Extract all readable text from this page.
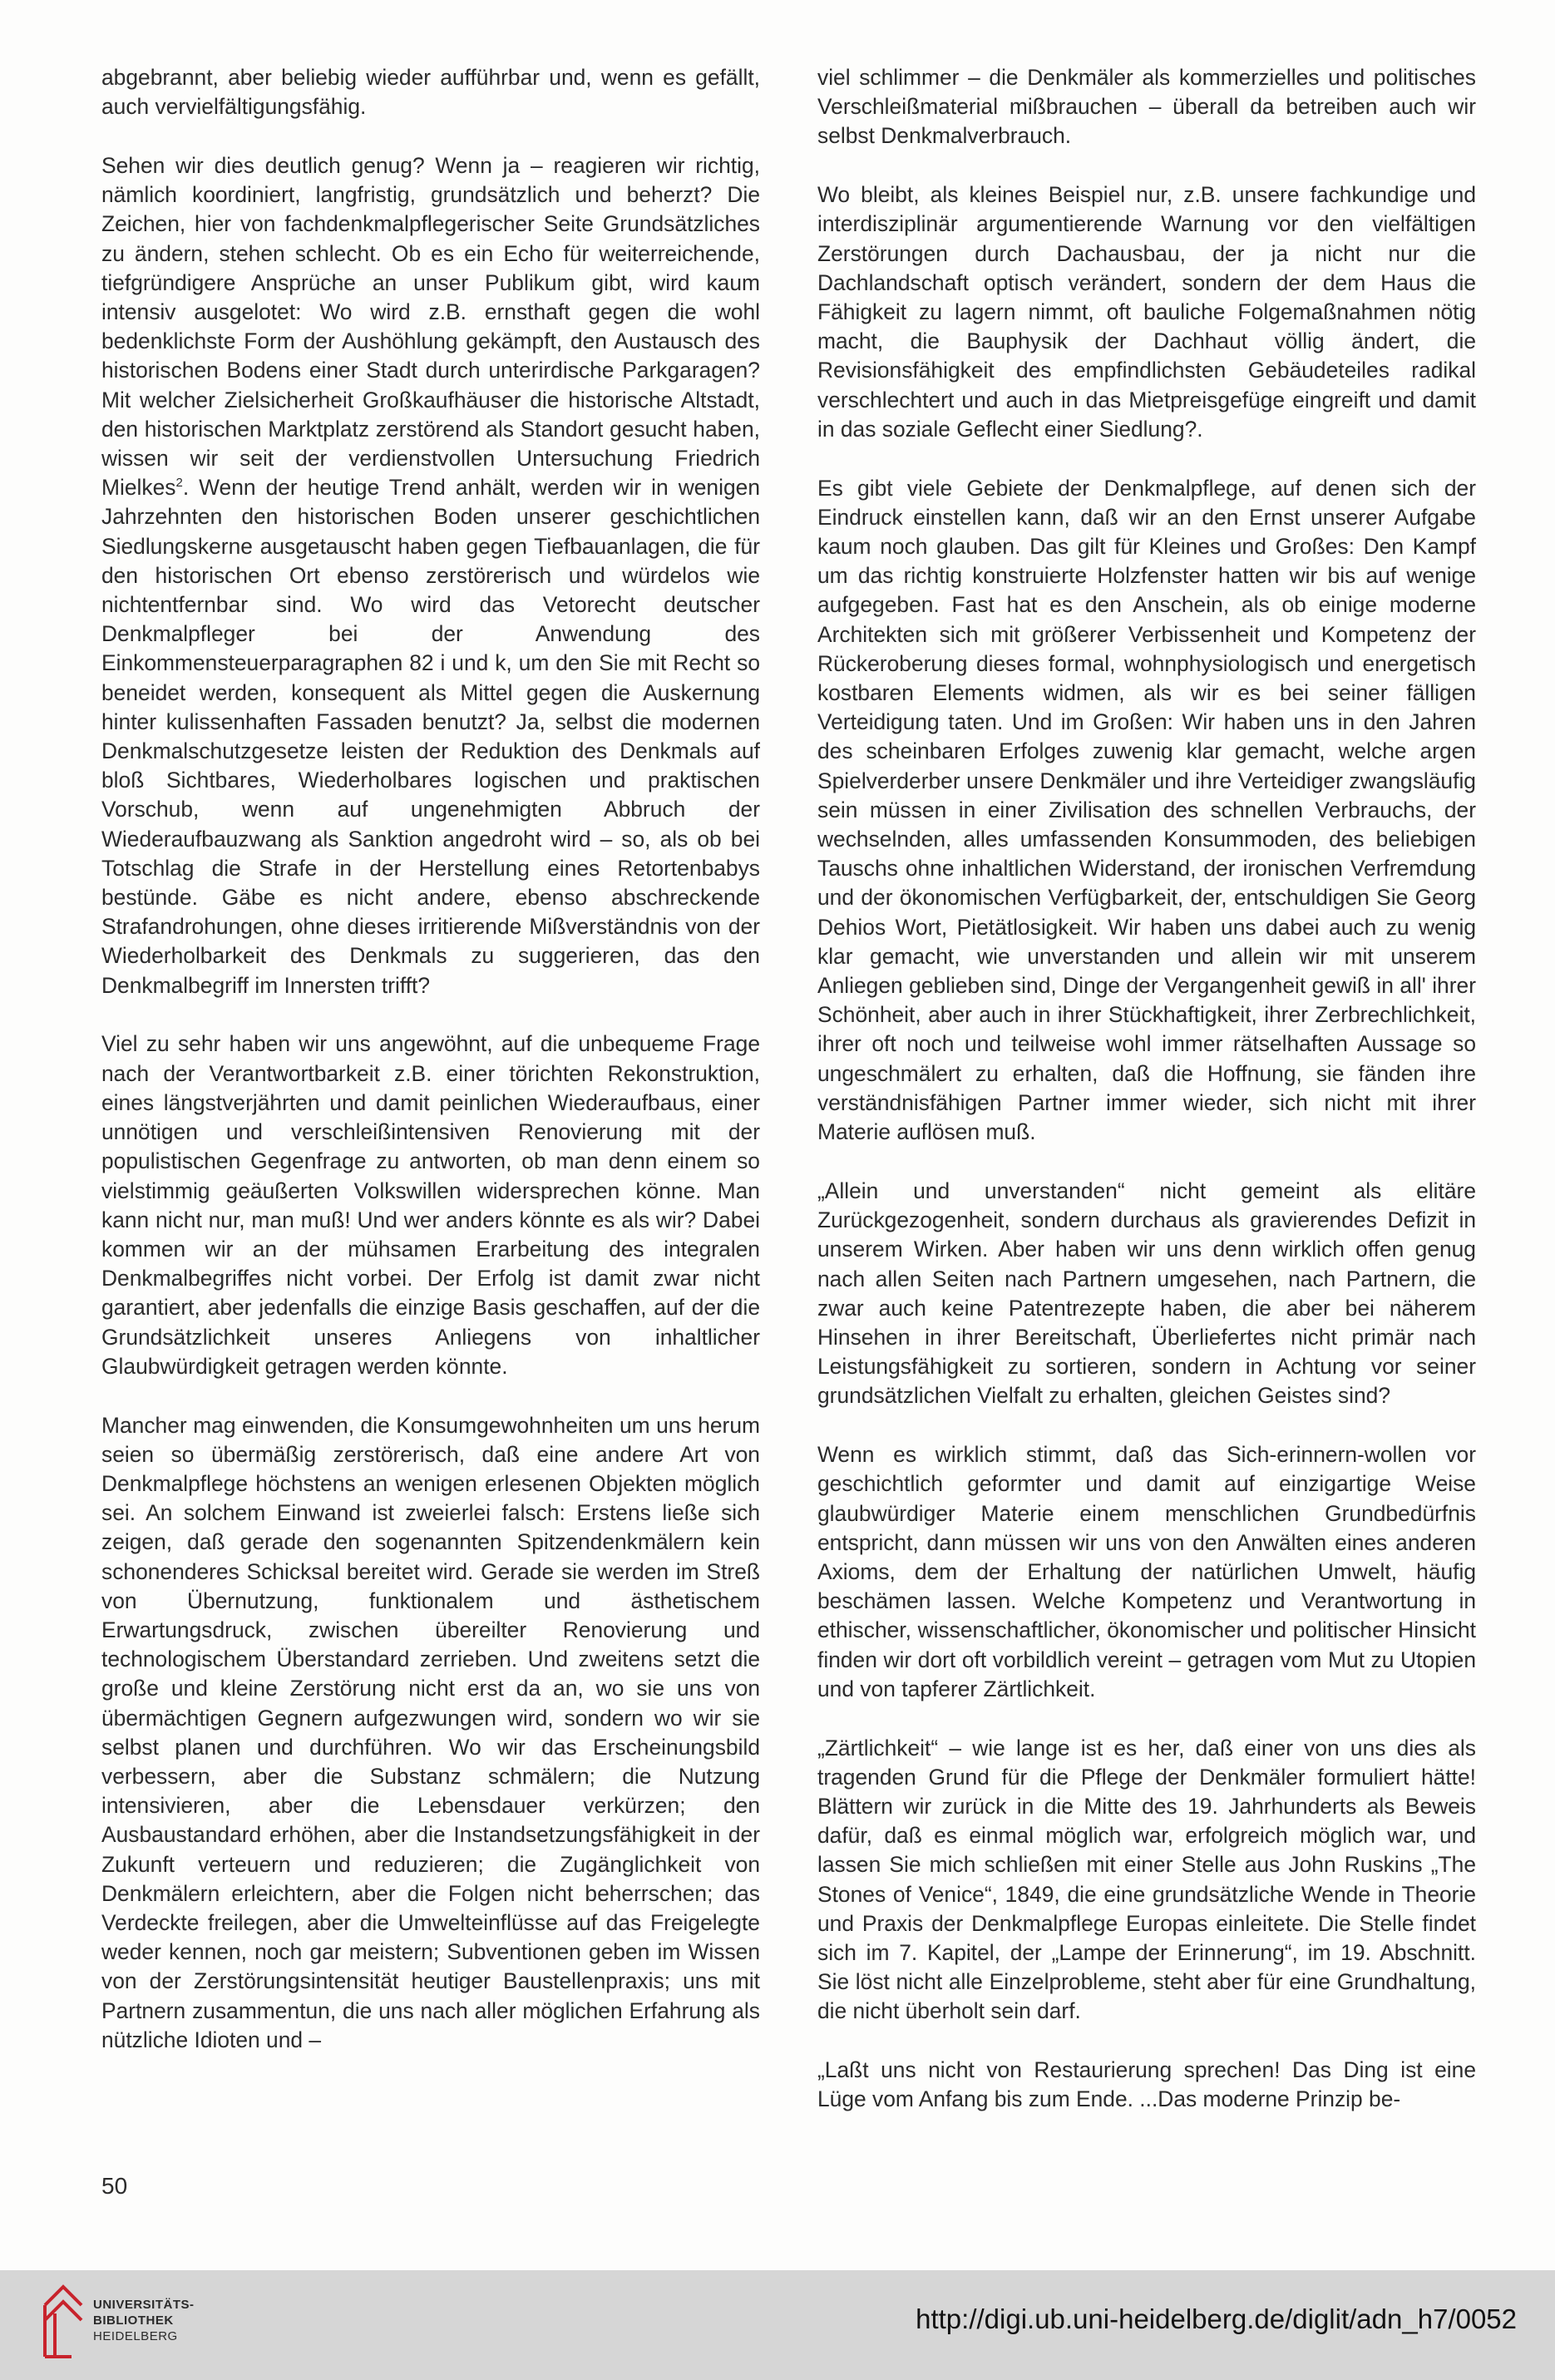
abgebrannt, aber beliebig wieder aufführbar und, wenn es gefällt, auch vervielfältigungsfähig.

Sehen wir dies deutlich genug? Wenn ja – reagieren wir richtig, nämlich koordiniert, langfristig, grundsätzlich und beherzt? Die Zeichen, hier von fachdenkmalpflegerischer Seite Grundsätzliches zu ändern, stehen schlecht. Ob es ein Echo für weiterreichende, tiefgründigere Ansprüche an unser Publikum gibt, wird kaum intensiv ausgelotet: Wo wird z.B. ernsthaft gegen die wohl bedenklichste Form der Aushöhlung gekämpft, den Austausch des historischen Bodens einer Stadt durch unterirdische Parkgaragen? Mit welcher Zielsicherheit Großkaufhäuser die historische Altstadt, den historischen Marktplatz zerstörend als Standort gesucht haben, wissen wir seit der verdienstvollen Untersuchung Friedrich Mielkes$^2$. Wenn der heutige Trend anhält, werden wir in wenigen Jahrzehnten den historischen Boden unserer geschichtlichen Siedlungskerne ausgetauscht haben gegen Tiefbauanlagen, die für den historischen Ort ebenso zerstörerisch und würdelos wie nichtentfernbar sind. Wo wird das Vetorecht deutscher Denkmalpfleger bei der Anwendung des Einkommensteuerparagraphen 82 i und k, um den Sie mit Recht so beneidet werden, konsequent als Mittel gegen die Auskernung hinter kulissenhaften Fassaden benutzt? Ja, selbst die modernen Denkmalschutzgesetze leisten der Reduktion des Denkmals auf bloß Sichtbares, Wiederholbares logischen und praktischen Vorschub, wenn auf ungenehmigten Abbruch der Wiederaufbauzwang als Sanktion angedroht wird – so, als ob bei Totschlag die Strafe in der Herstellung eines Retortenbabys bestünde. Gäbe es nicht andere, ebenso abschreckende Strafandrohungen, ohne dieses irritierende Mißverständnis von der Wiederholbarkeit des Denkmals zu suggerieren, das den Denkmalbegriff im Innersten trifft?

Viel zu sehr haben wir uns angewöhnt, auf die unbequeme Frage nach der Verantwortbarkeit z.B. einer törichten Rekonstruktion, eines längstverjährten und damit peinlichen Wiederaufbaus, einer unnötigen und verschleißintensiven Renovierung mit der populistischen Gegenfrage zu antworten, ob man denn einem so vielstimmig geäußerten Volkswillen widersprechen könne. Man kann nicht nur, man muß! Und wer anders könnte es als wir? Dabei kommen wir an der mühsamen Erarbeitung des integralen Denkmalbegriffes nicht vorbei. Der Erfolg ist damit zwar nicht garantiert, aber jedenfalls die einzige Basis geschaffen, auf der die Grundsätzlichkeit unseres Anliegens von inhaltlicher Glaubwürdigkeit getragen werden könnte.

Mancher mag einwenden, die Konsumgewohnheiten um uns herum seien so übermäßig zerstörerisch, daß eine andere Art von Denkmalpflege höchstens an wenigen erlesenen Objekten möglich sei. An solchem Einwand ist zweierlei falsch: Erstens ließe sich zeigen, daß gerade den sogenannten Spitzendenkmälern kein schonenderes Schicksal bereitet wird. Gerade sie werden im Streß von Übernutzung, funktionalem und ästhetischem Erwartungsdruck, zwischen übereilter Renovierung und technologischem Überstandard zerrieben. Und zweitens setzt die große und kleine Zerstörung nicht erst da an, wo sie uns von übermächtigen Gegnern aufgezwungen wird, sondern wo wir sie selbst planen und durchführen. Wo wir das Erscheinungsbild verbessern, aber die Substanz schmälern; die Nutzung intensivieren, aber die Lebensdauer verkürzen; den Ausbaustandard erhöhen, aber die Instandsetzungsfähigkeit in der Zukunft verteuern und reduzieren; die Zugänglichkeit von Denkmälern erleichtern, aber die Folgen nicht beherrschen; das Verdeckte freilegen, aber die Umwelteinflüsse auf das Freigelegte weder kennen, noch gar meistern; Subventionen geben im Wissen von der Zerstörungsintensität heutiger Baustellenpraxis; uns mit Partnern zusammentun, die uns nach aller möglichen Erfahrung als nützliche Idioten und –

viel schlimmer – die Denkmäler als kommerzielles und politisches Verschleißmaterial mißbrauchen – überall da betreiben auch wir selbst Denkmalverbrauch.

Wo bleibt, als kleines Beispiel nur, z.B. unsere fachkundige und interdisziplinär argumentierende Warnung vor den vielfältigen Zerstörungen durch Dachausbau, der ja nicht nur die Dachlandschaft optisch verändert, sondern der dem Haus die Fähigkeit zu lagern nimmt, oft bauliche Folgemaßnahmen nötig macht, die Bauphysik der Dachhaut völlig ändert, die Revisionsfähigkeit des empfindlichsten Gebäudeteiles radikal verschlechtert und auch in das Mietpreisgefüge eingreift und damit in das soziale Geflecht einer Siedlung?.

Es gibt viele Gebiete der Denkmalpflege, auf denen sich der Eindruck einstellen kann, daß wir an den Ernst unserer Aufgabe kaum noch glauben. Das gilt für Kleines und Großes: Den Kampf um das richtig konstruierte Holzfenster hatten wir bis auf wenige aufgegeben. Fast hat es den Anschein, als ob einige moderne Architekten sich mit größerer Verbissenheit und Kompetenz der Rückeroberung dieses formal, wohnphysiologisch und energetisch kostbaren Elements widmen, als wir es bei seiner fälligen Verteidigung taten. Und im Großen: Wir haben uns in den Jahren des scheinbaren Erfolges zuwenig klar gemacht, welche argen Spielverderber unsere Denkmäler und ihre Verteidiger zwangsläufig sein müssen in einer Zivilisation des schnellen Verbrauchs, der wechselnden, alles umfassenden Konsummoden, des beliebigen Tauschs ohne inhaltlichen Widerstand, der ironischen Verfremdung und der ökonomischen Verfügbarkeit, der, entschuldigen Sie Georg Dehios Wort, Pietätlosigkeit. Wir haben uns dabei auch zu wenig klar gemacht, wie unverstanden und allein wir mit unserem Anliegen geblieben sind, Dinge der Vergangenheit gewiß in all' ihrer Schönheit, aber auch in ihrer Stückhaftigkeit, ihrer Zerbrechlichkeit, ihrer oft noch und teilweise wohl immer rätselhaften Aussage so ungeschmälert zu erhalten, daß die Hoffnung, sie fänden ihre verständnisfähigen Partner immer wieder, sich nicht mit ihrer Materie auflösen muß.

„Allein und unverstanden“ nicht gemeint als elitäre Zurückgezogenheit, sondern durchaus als gravierendes Defizit in unserem Wirken. Aber haben wir uns denn wirklich offen genug nach allen Seiten nach Partnern umgesehen, nach Partnern, die zwar auch keine Patentrezepte haben, die aber bei näherem Hinsehen in ihrer Bereitschaft, Überliefertes nicht primär nach Leistungsfähigkeit zu sortieren, sondern in Achtung vor seiner grundsätzlichen Vielfalt zu erhalten, gleichen Geistes sind?

Wenn es wirklich stimmt, daß das Sich-erinnern-wollen vor geschichtlich geformter und damit auf einzigartige Weise glaubwürdiger Materie einem menschlichen Grundbedürfnis entspricht, dann müssen wir uns von den Anwälten eines anderen Axioms, dem der Erhaltung der natürlichen Umwelt, häufig beschämen lassen. Welche Kompetenz und Verantwortung in ethischer, wissenschaftlicher, ökonomischer und politischer Hinsicht finden wir dort oft vorbildlich vereint – getragen vom Mut zu Utopien und von tapferer Zärtlichkeit.

„Zärtlichkeit“ – wie lange ist es her, daß einer von uns dies als tragenden Grund für die Pflege der Denkmäler formuliert hätte! Blättern wir zurück in die Mitte des 19. Jahrhunderts als Beweis dafür, daß es einmal möglich war, erfolgreich möglich war, und lassen Sie mich schließen mit einer Stelle aus John Ruskins „The Stones of Venice“, 1849, die eine grundsätzliche Wende in Theorie und Praxis der Denkmalpflege Europas einleitete. Die Stelle findet sich im 7. Kapitel, der „Lampe der Erinnerung“, im 19. Abschnitt. Sie löst nicht alle Einzelprobleme, steht aber für eine Grundhaltung, die nicht überholt sein darf.

„Laßt uns nicht von Restaurierung sprechen! Das Ding ist eine Lüge vom Anfang bis zum Ende. ...Das moderne Prinzip be-

50
UNIVERSITÄTS-
BIBLIOTHEK
HEIDELBERG
http://digi.ub.uni-heidelberg.de/diglit/adn_h7/0052
